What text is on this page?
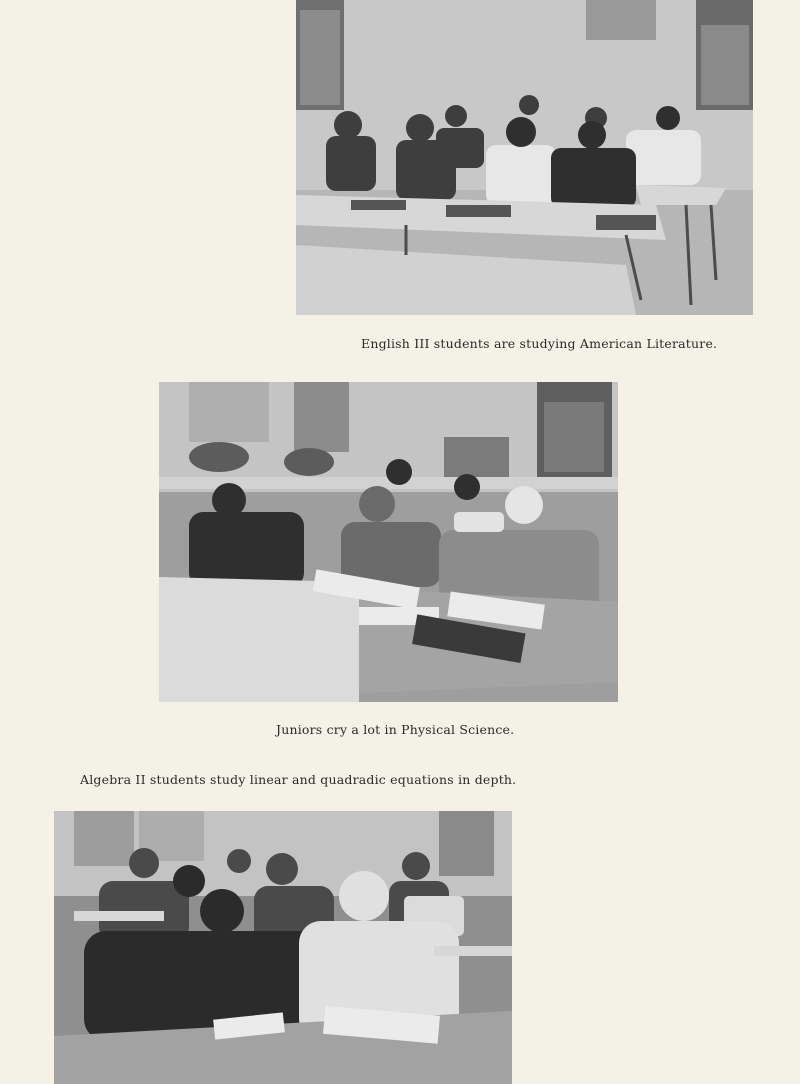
English III students are studying American Literature.
Juniors cry a lot in Physical Science.
Algebra II students study linear and quadradic equations in depth.
